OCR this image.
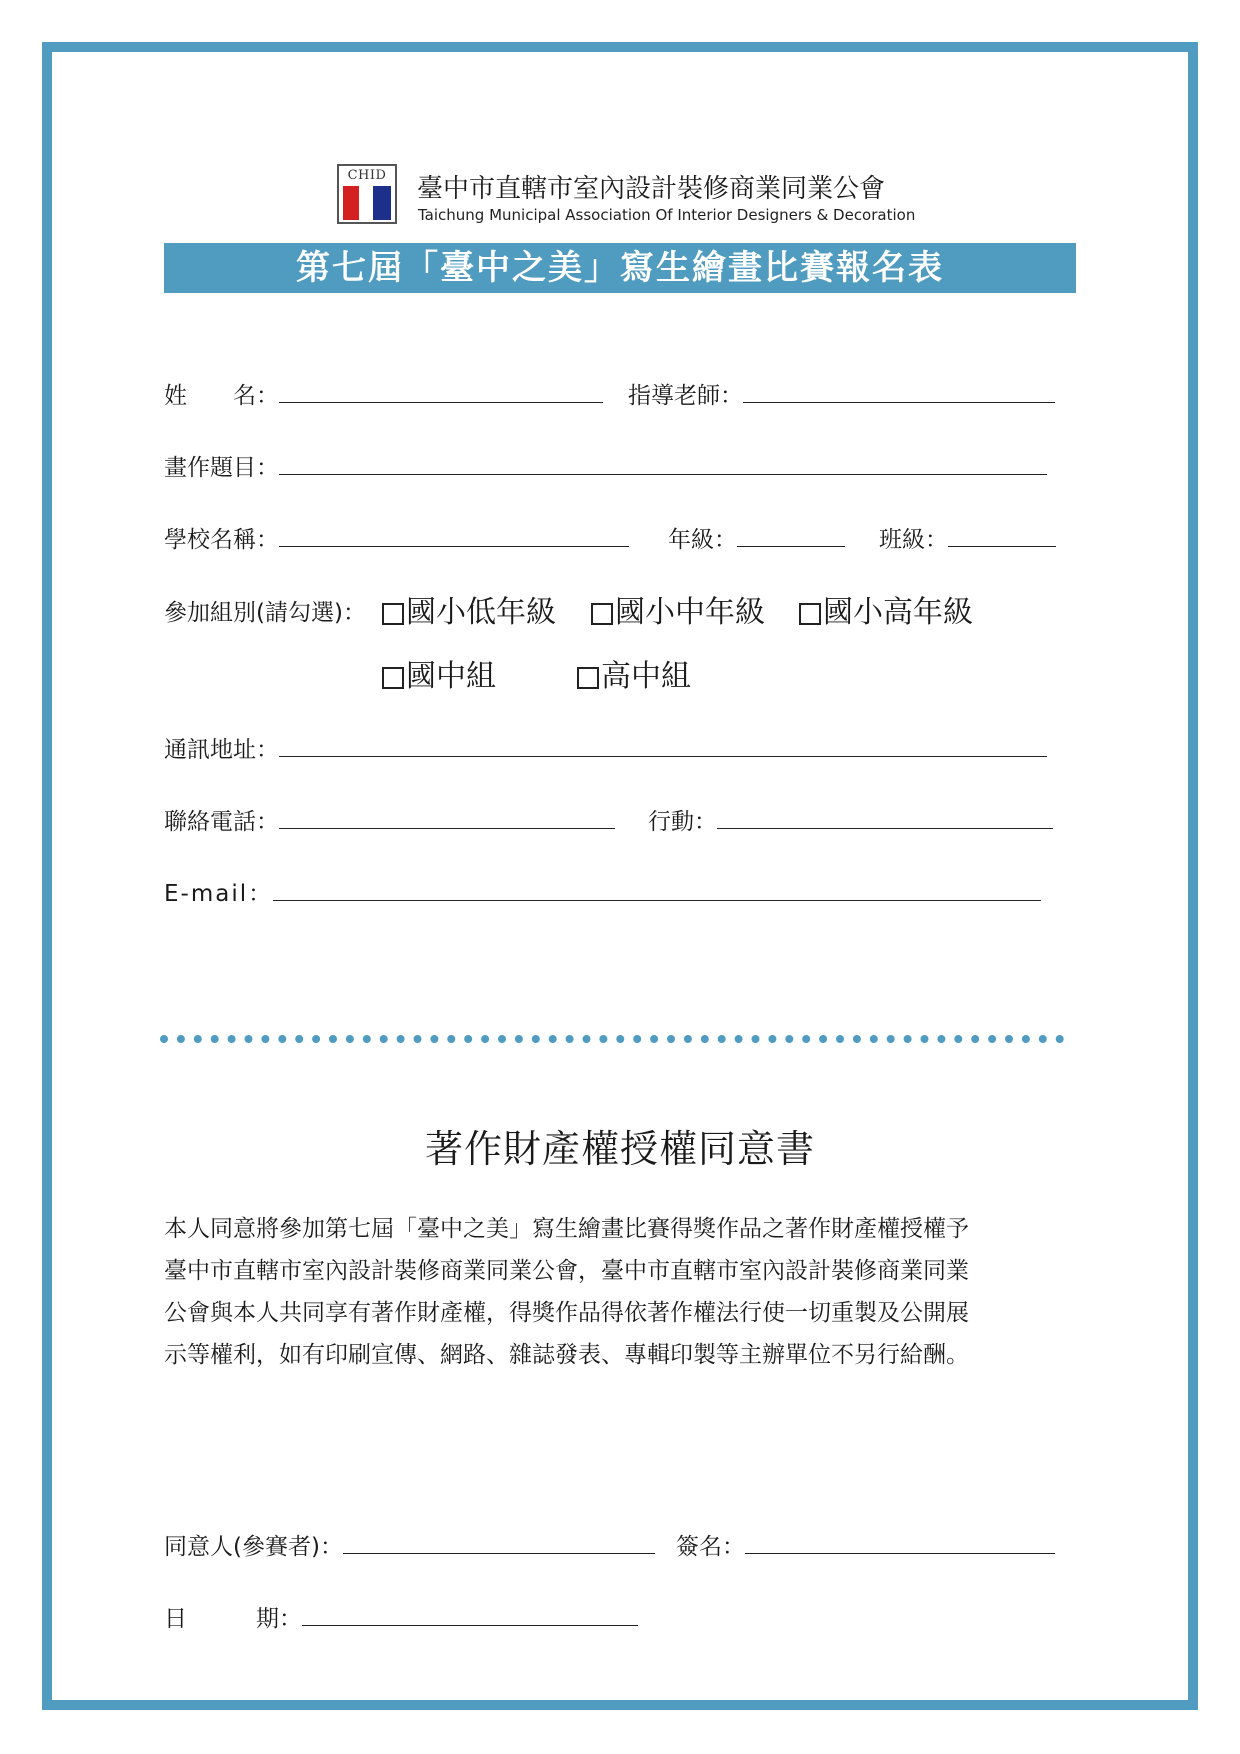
CHID	臺中市直轄市室內設計裝修商業同業公會
Taichung Municipal Association Of Interior Designers & Decoration
第七屆「臺中之美」寫生繪畫比賽報名表
姓　　名：	指導老師：
畫作題目：
學校名稱：	年級：	班級：
參加組別(請勾選)：	國小低年級	國小中年級	國小高年級
國中組	高中組
通訊地址：
聯絡電話：	行動：
E-mail：
著作財產權授權同意書
本人同意將參加第七屆「臺中之美」寫生繪畫比賽得獎作品之著作財產權授權予
臺中市直轄市室內設計裝修商業同業公會，臺中市直轄市室內設計裝修商業同業
公會與本人共同享有著作財產權，得獎作品得依著作權法行使一切重製及公開展
示等權利，如有印刷宣傳、網路、雜誌發表、專輯印製等主辦單位不另行給酬。
同意人(參賽者)：	簽名：
日　　　期：
